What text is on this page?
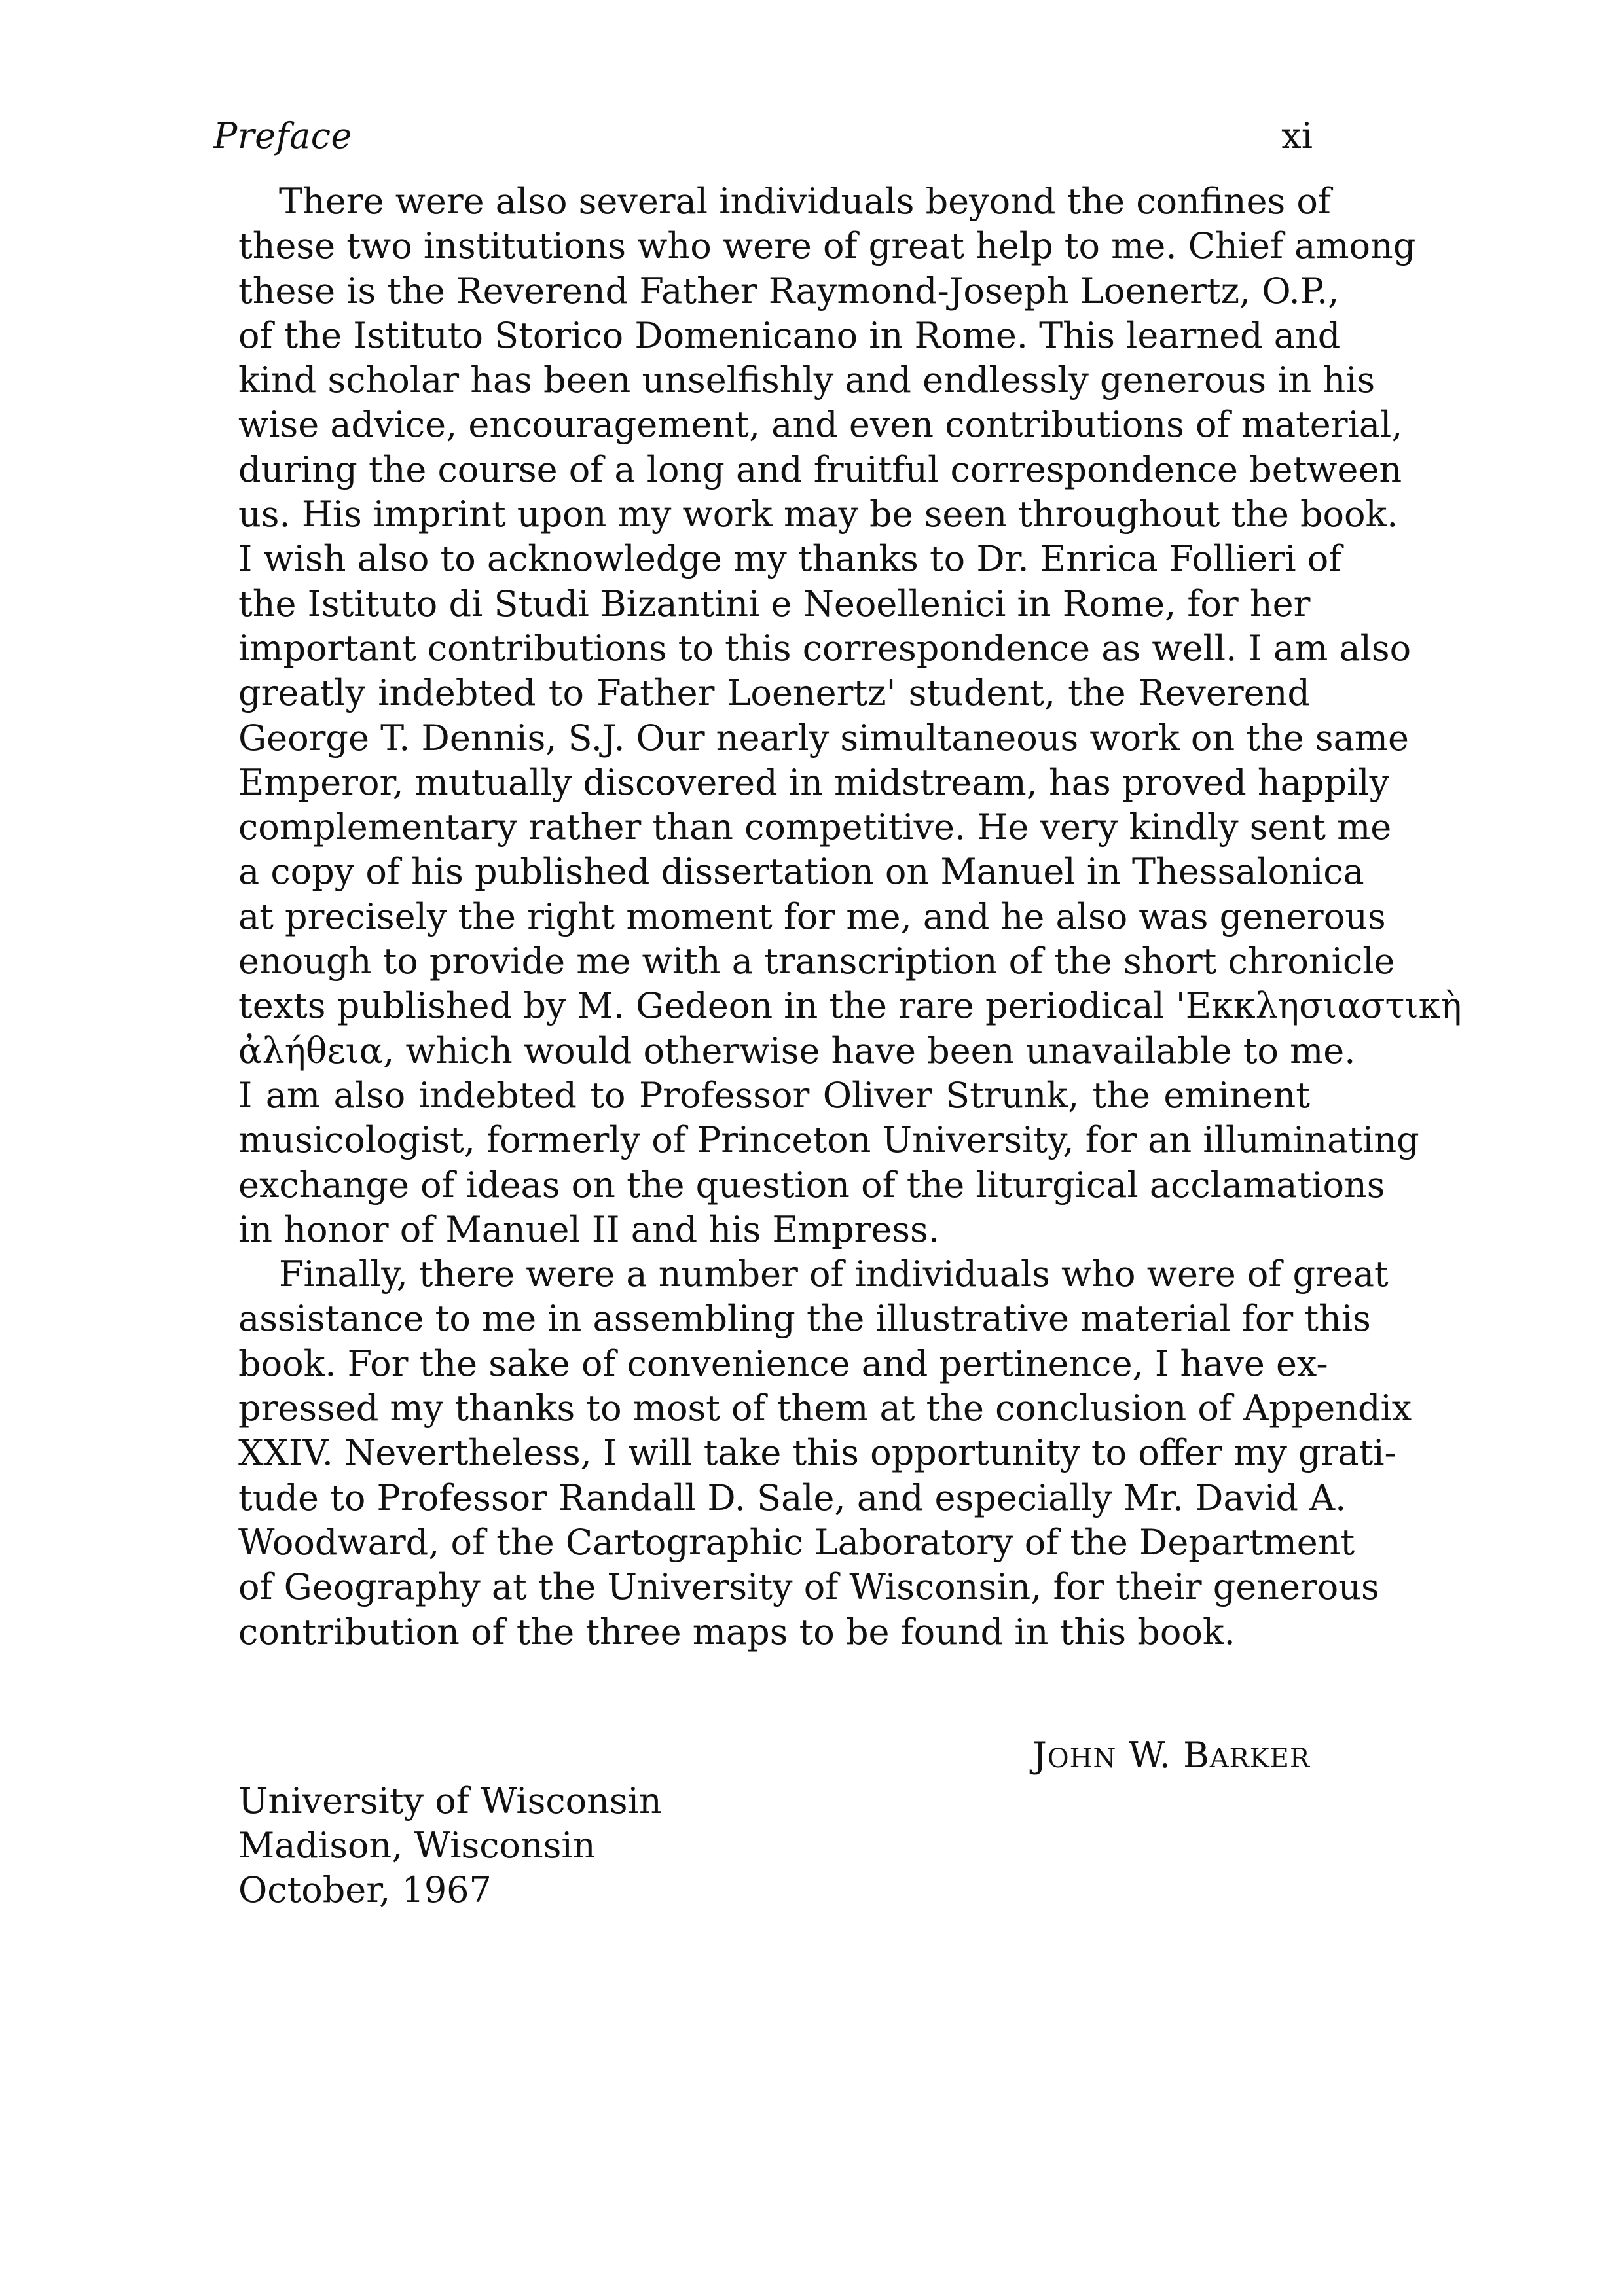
Preface	xi
There were also several individuals beyond the confines of
these two institutions who were of great help to me. Chief among
these is the Reverend Father Raymond-Joseph Loenertz, O.P.,
of the Istituto Storico Domenicano in Rome. This learned and
kind scholar has been unselfishly and endlessly generous in his
wise advice, encouragement, and even contributions of material,
during the course of a long and fruitful correspondence between
us. His imprint upon my work may be seen throughout the book.
I wish also to acknowledge my thanks to Dr. Enrica Follieri of
the Istituto di Studi Bizantini e Neoellenici in Rome, for her
important contributions to this correspondence as well. I am also
greatly indebted to Father Loenertz' student, the Reverend
George T. Dennis, S.J. Our nearly simultaneous work on the same
Emperor, mutually discovered in midstream, has proved happily
complementary rather than competitive. He very kindly sent me
a copy of his published dissertation on Manuel in Thessalonica
at precisely the right moment for me, and he also was generous
enough to provide me with a transcription of the short chronicle
texts published by M. Gedeon in the rare periodical 'Εκκλησιαστικὴ
ἀλήθεια, which would otherwise have been unavailable to me.
I am also indebted to Professor Oliver Strunk, the eminent
musicologist, formerly of Princeton University, for an illuminating
exchange of ideas on the question of the liturgical acclamations
in honor of Manuel II and his Empress.
Finally, there were a number of individuals who were of great
assistance to me in assembling the illustrative material for this
book. For the sake of convenience and pertinence, I have ex-
pressed my thanks to most of them at the conclusion of Appendix
XXIV. Nevertheless, I will take this opportunity to offer my grati-
tude to Professor Randall D. Sale, and especially Mr. David A.
Woodward, of the Cartographic Laboratory of the Department
of Geography at the University of Wisconsin, for their generous
contribution of the three maps to be found in this book.
JOHN W. BARKER
University of Wisconsin
Madison, Wisconsin
October, 1967
